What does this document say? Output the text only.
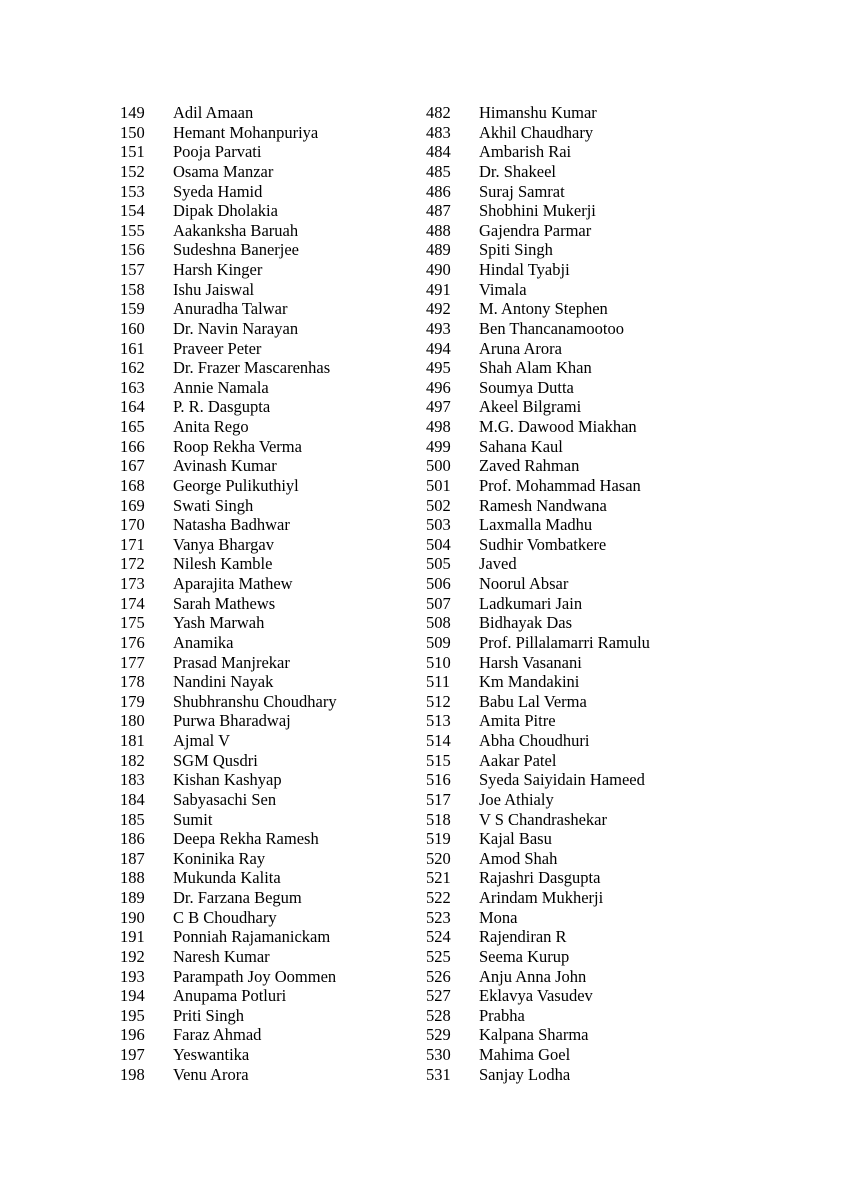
149	Adil Amaan
150	Hemant Mohanpuriya
151	Pooja Parvati
152	Osama Manzar
153	Syeda Hamid
154	Dipak Dholakia
155	Aakanksha Baruah
156	Sudeshna Banerjee
157	Harsh Kinger
158	Ishu Jaiswal
159	Anuradha Talwar
160	Dr. Navin Narayan
161	Praveer Peter
162	Dr. Frazer Mascarenhas
163	Annie Namala
164	P. R. Dasgupta
165	Anita Rego
166	Roop Rekha Verma
167	Avinash Kumar
168	George Pulikuthiyl
169	Swati Singh
170	Natasha Badhwar
171	Vanya Bhargav
172	Nilesh Kamble
173	Aparajita Mathew
174	Sarah Mathews
175	Yash Marwah
176	Anamika
177	Prasad Manjrekar
178	Nandini Nayak
179	Shubhranshu Choudhary
180	Purwa Bharadwaj
181	Ajmal V
182	SGM Qusdri
183	Kishan Kashyap
184	Sabyasachi Sen
185	Sumit
186	Deepa Rekha Ramesh
187	Koninika Ray
188	Mukunda Kalita
189	Dr. Farzana Begum
190	C B Choudhary
191	Ponniah Rajamanickam
192	Naresh Kumar
193	Parampath Joy Oommen
194	Anupama Potluri
195	Priti Singh
196	Faraz Ahmad
197	Yeswantika
198	Venu Arora
482	Himanshu Kumar
483	Akhil Chaudhary
484	Ambarish Rai
485	Dr. Shakeel
486	Suraj Samrat
487	Shobhini Mukerji
488	Gajendra Parmar
489	Spiti Singh
490	Hindal Tyabji
491	Vimala
492	M. Antony Stephen
493	Ben Thancanamootoo
494	Aruna Arora
495	Shah Alam Khan
496	Soumya Dutta
497	Akeel Bilgrami
498	M.G. Dawood Miakhan
499	Sahana Kaul
500	Zaved Rahman
501	Prof. Mohammad Hasan
502	Ramesh Nandwana
503	Laxmalla Madhu
504	Sudhir Vombatkere
505	Javed
506	Noorul Absar
507	Ladkumari Jain
508	Bidhayak Das
509	Prof. Pillalamarri Ramulu
510	Harsh Vasanani
511	Km Mandakini
512	Babu Lal Verma
513	Amita Pitre
514	Abha Choudhuri
515	Aakar Patel
516	Syeda Saiyidain Hameed
517	Joe Athialy
518	V S Chandrashekar
519	Kajal Basu
520	Amod Shah
521	Rajashri Dasgupta
522	Arindam Mukherji
523	Mona
524	Rajendiran R
525	Seema Kurup
526	Anju Anna John
527	Eklavya Vasudev
528	Prabha
529	Kalpana Sharma
530	Mahima Goel
531	Sanjay Lodha
